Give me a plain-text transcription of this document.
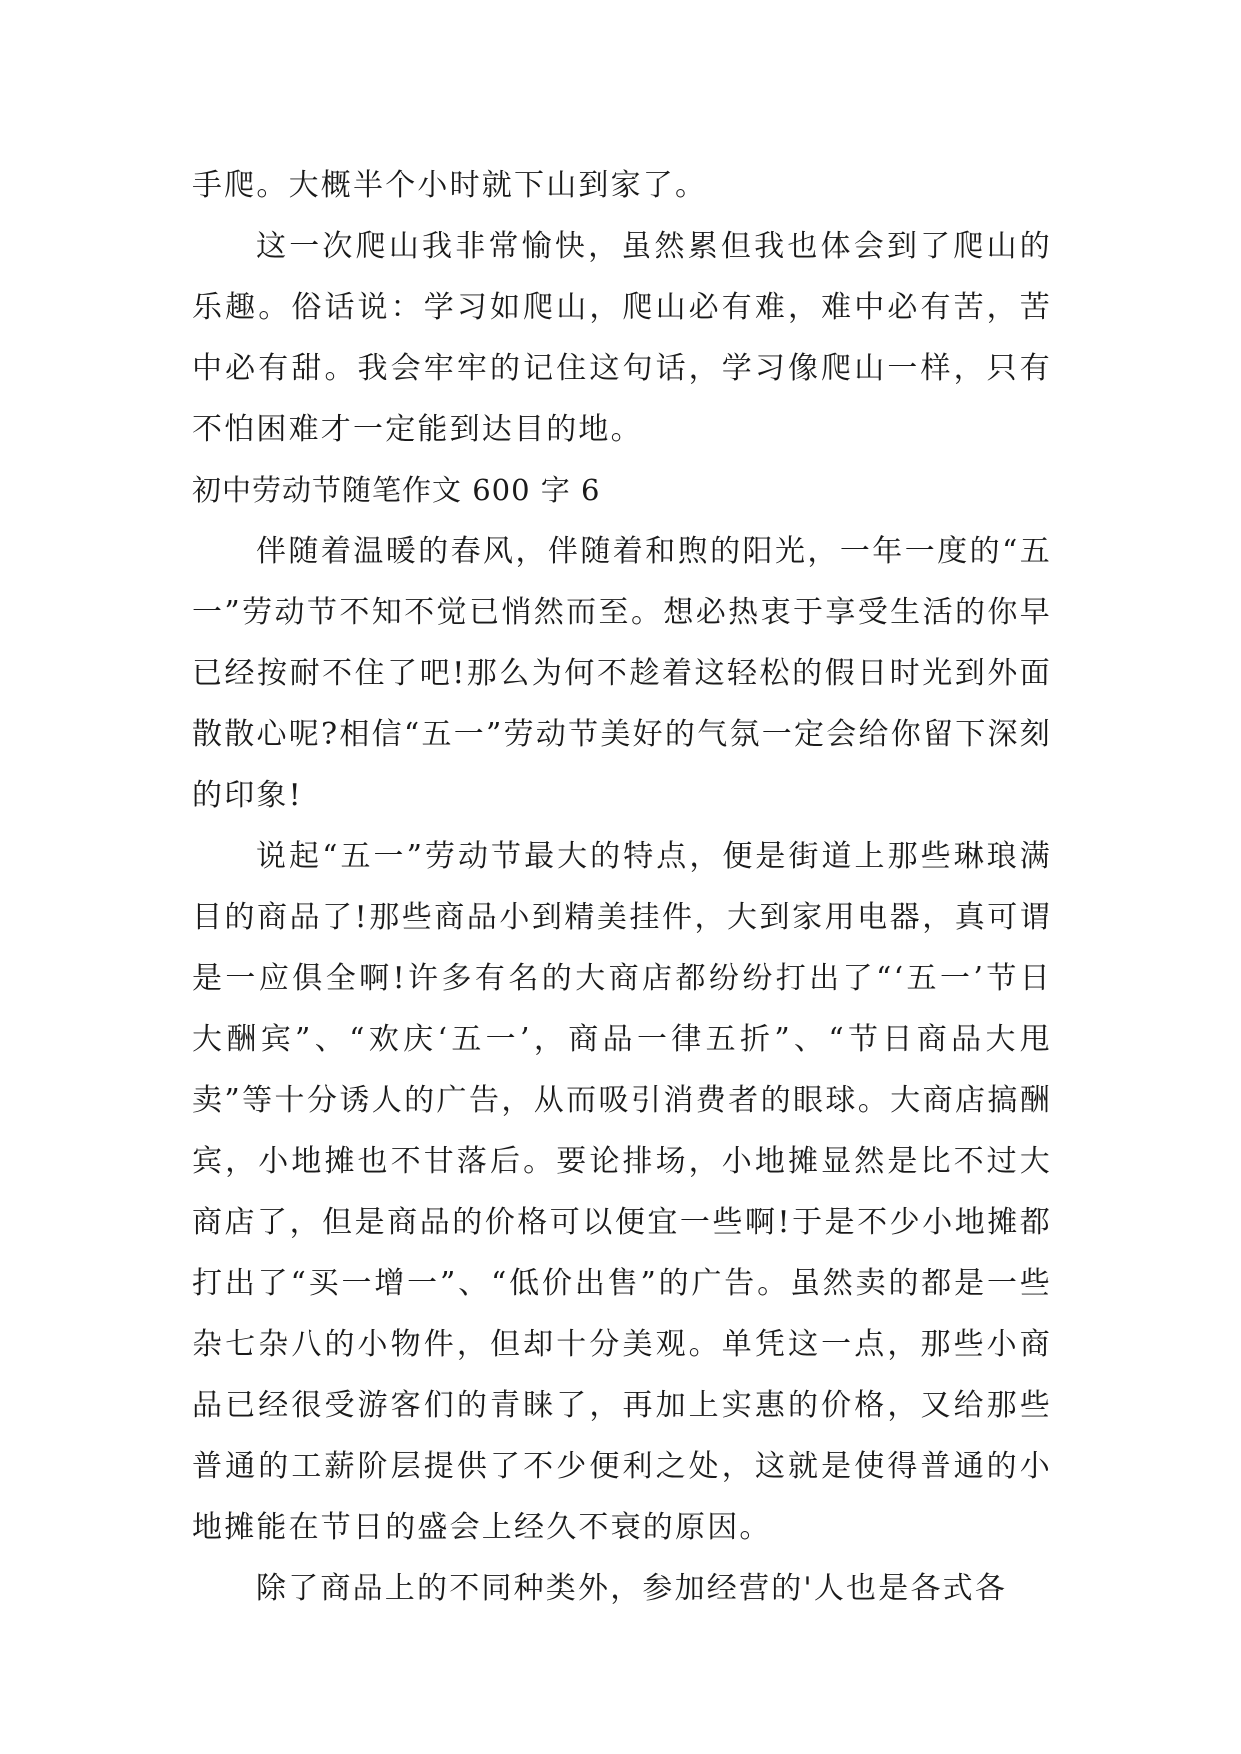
手爬。大概半个小时就下山到家了。

这一次爬山我非常愉快，虽然累但我也体会到了爬山的乐趣。俗话说：学习如爬山，爬山必有难，难中必有苦，苦中必有甜。我会牢牢的记住这句话，学习像爬山一样，只有不怕困难才一定能到达目的地。

初中劳动节随笔作文 600 字 6

伴随着温暖的春风，伴随着和煦的阳光，一年一度的“五一”劳动节不知不觉已悄然而至。想必热衷于享受生活的你早已经按耐不住了吧!那么为何不趁着这轻松的假日时光到外面散散心呢?相信“五一”劳动节美好的气氛一定会给你留下深刻的印象!

说起“五一”劳动节最大的特点，便是街道上那些琳琅满目的商品了!那些商品小到精美挂件，大到家用电器，真可谓是一应俱全啊!许多有名的大商店都纷纷打出了“‘五一’节日大酬宾”、“欢庆‘五一’，商品一律五折”、“节日商品大甩卖”等十分诱人的广告，从而吸引消费者的眼球。大商店搞酬宾，小地摊也不甘落后。要论排场，小地摊显然是比不过大商店了，但是商品的价格可以便宜一些啊!于是不少小地摊都打出了“买一增一”、“低价出售”的广告。虽然卖的都是一些杂七杂八的小物件，但却十分美观。单凭这一点，那些小商品已经很受游客们的青睐了，再加上实惠的价格，又给那些普通的工薪阶层提供了不少便利之处，这就是使得普通的小地摊能在节日的盛会上经久不衰的原因。

除了商品上的不同种类外，参加经营的'人也是各式各
